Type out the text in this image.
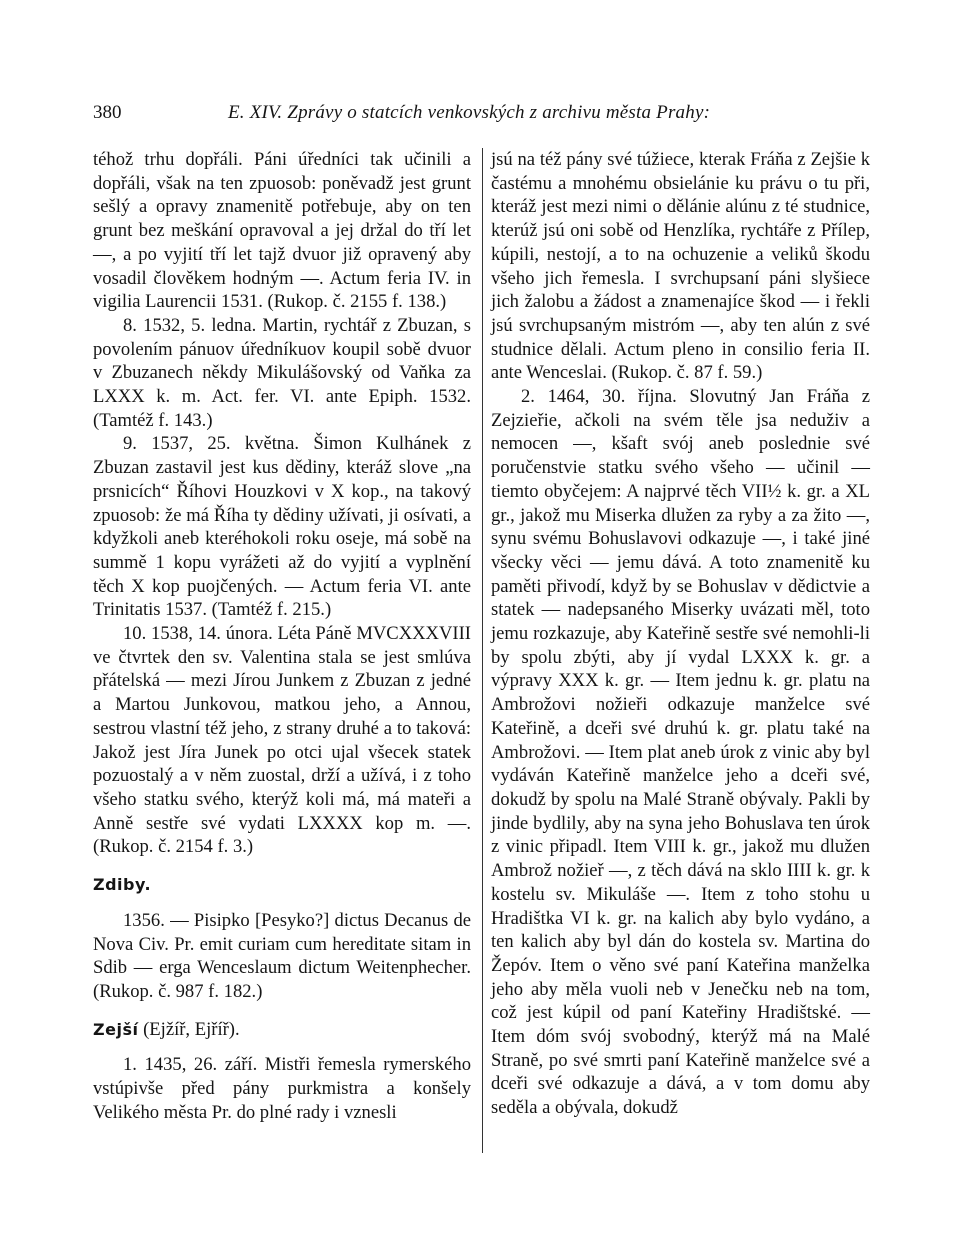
380	E. XIV. Zprávy o statcích venkovských z archivu města Prahy:

téhož trhu dopřáli. Páni úředníci tak učinili a dopřáli, však na ten zpuosob: poněvadž jest grunt sešlý a opravy znamenitě potřebuje, aby on ten grunt bez meškání opravoval a jej držal do tří let —, a po vyjití tří let tajž dvuor již opravený aby vosadil člověkem hodným —. Actum feria IV. in vigilia Laurencii 1531. (Rukop. č. 2155 f. 138.)

8. 1532, 5. ledna. Martin, rychtář z Zbuzan, s povolením pánuov úředníkuov koupil sobě dvuor v Zbuzanech někdy Mikulášovský od Vaňka za LXXX k. m. Act. fer. VI. ante Epiph. 1532. (Tamtéž f. 143.)

9. 1537, 25. května. Šimon Kulhánek z Zbuzan zastavil jest kus dědiny, kteráž slove „na prsnicích“ Říhovi Houzkovi v X kop., na takový zpuosob: že má Říha ty dědiny užívati, ji osívati, a kdyžkoli aneb kteréhokoli roku oseje, má sobě na summě 1 kopu vyrážeti až do vyjití a vyplnění těch X kop puojčených. — Actum feria VI. ante Trinitatis 1537. (Tamtéž f. 215.)

10. 1538, 14. února. Léta Páně MVCXXXVIII ve čtvrtek den sv. Valentina stala se jest smlúva přátelská — mezi Jírou Junkem z Zbuzan z jedné a Martou Junkovou, matkou jeho, a Annou, sestrou vlastní též jeho, z strany druhé a to taková: Jakož jest Jíra Junek po otci ujal všecek statek pozuostalý a v něm zuostal, drží a užívá, i z toho všeho statku svého, kterýž koli má, má mateři a Anně sestře své vydati LXXXX kop m. —. (Rukop. č. 2154 f. 3.)

Zdiby.

1356. — Pisipko [Pesyko?] dictus Decanus de Nova Civ. Pr. emit curiam cum hereditate sitam in Sdib — erga Wenceslaum dictum Weitenphecher. (Rukop. č. 987 f. 182.)

Zejší (Ejžíř, Ejříř).

1. 1435, 26. září. Mistři řemesla rymerského vstúpivše před pány purkmistra a konšely Velikého města Pr. do plné rady i vznesli

jsú na též pány své túžiece, kterak Fráňa z Zejšie k častému a mnohému obsielánie ku právu o tu při, kteráž jest mezi nimi o dělánie alúnu z té studnice, kterúž jsú oni sobě od Henzlíka, rychtáře z Přílep, kúpili, nestojí, a to na ochuzenie a veliků škodu všeho jich řemesla. I svrchupsaní páni slyšiece jich žalobu a žádost a znamenajíce škod — i řekli jsú svrchupsaným mistróm —, aby ten alún z své studnice dělali. Actum pleno in consilio feria II. ante Wenceslai. (Rukop. č. 87 f. 59.)

2. 1464, 30. října. Slovutný Jan Fráňa z Zejzieřie, ačkoli na svém těle jsa neduživ a nemocen —, kšaft svój aneb poslednie své poručenstvie statku svého všeho — učinil — tiemto obyčejem: A najprvé těch VII½ k. gr. a XL gr., jakož mu Miserka dlužen za ryby a za žito —, synu svému Bohuslavovi odkazuje —, i také jiné všecky věci — jemu dává. A toto znamenitě ku paměti přivodí, když by se Bohuslav v dědictvie a statek — nadepsaného Miserky uvázati měl, toto jemu rozkazuje, aby Kateřině sestře své nemohli-li by spolu zbýti, aby jí vydal LXXX k. gr. a výpravy XXX k. gr. — Item jednu k. gr. platu na Ambrožovi nožieři odkazuje manželce své Kateřině, a dceři své druhú k. gr. platu také na Ambrožovi. — Item plat aneb úrok z vinic aby byl vydáván Kateřině manželce jeho a dceři své, dokudž by spolu na Malé Straně obývaly. Pakli by jinde bydlily, aby na syna jeho Bohuslava ten úrok z vinic připadl. Item VIII k. gr., jakož mu dlužen Ambrož nožieř —, z těch dává na sklo IIII k. gr. k kostelu sv. Mikuláše —. Item z toho stohu u Hradištka VI k. gr. na kalich aby bylo vydáno, a ten kalich aby byl dán do kostela sv. Martina do Žepóv. Item o věno své paní Kateřina manželka jeho aby měla vuoli neb v Jenečku neb na tom, což jest kúpil od paní Kateřiny Hradištské. — Item dóm svój svobodný, kterýž má na Malé Straně, po své smrti paní Kateřině manželce své a dceři své odkazuje a dává, a v tom domu aby seděla a obývala, dokudž
